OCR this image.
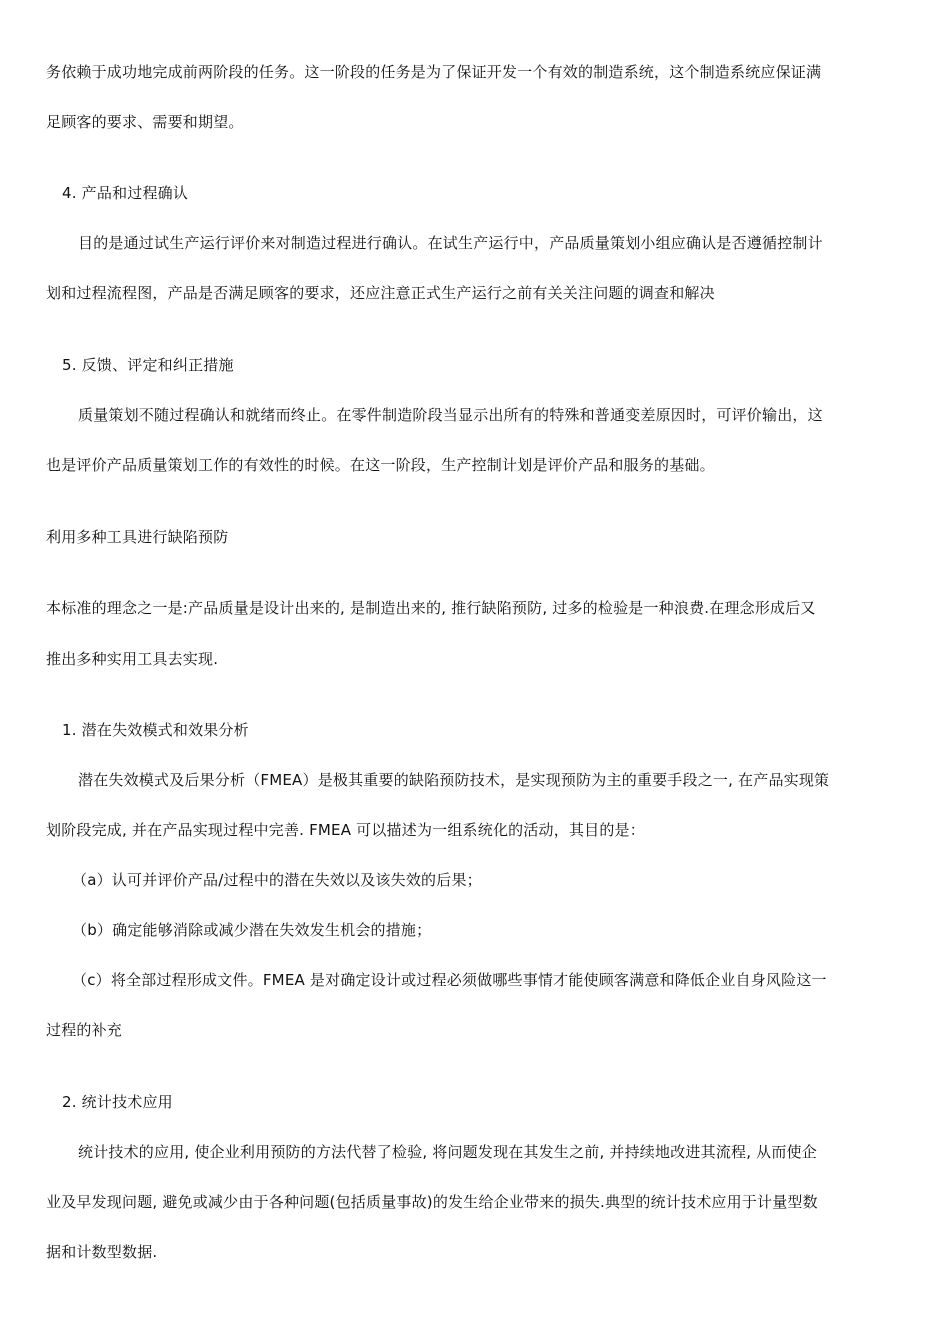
务依赖于成功地完成前两阶段的任务。这一阶段的任务是为了保证开发一个有效的制造系统，这个制造系统应保证满
足顾客的要求、需要和期望。
4. 产品和过程确认
目的是通过试生产运行评价来对制造过程进行确认。在试生产运行中，产品质量策划小组应确认是否遵循控制计
划和过程流程图，产品是否满足顾客的要求，还应注意正式生产运行之前有关关注问题的调查和解决
5. 反馈、评定和纠正措施
质量策划不随过程确认和就绪而终止。在零件制造阶段当显示出所有的特殊和普通变差原因时，可评价输出，这
也是评价产品质量策划工作的有效性的时候。在这一阶段，生产控制计划是评价产品和服务的基础。
利用多种工具进行缺陷预防
本标准的理念之一是:产品质量是设计出来的, 是制造出来的, 推行缺陷预防, 过多的检验是一种浪费.在理念形成后又
推出多种实用工具去实现.
1. 潜在失效模式和效果分析
潜在失效模式及后果分析（FMEA）是极其重要的缺陷预防技术，是实现预防为主的重要手段之一, 在产品实现策
划阶段完成, 并在产品实现过程中完善. FMEA 可以描述为一组系统化的活动，其目的是：
（a）认可并评价产品/过程中的潜在失效以及该失效的后果；
（b）确定能够消除或减少潜在失效发生机会的措施；
（c）将全部过程形成文件。FMEA 是对确定设计或过程必须做哪些事情才能使顾客满意和降低企业自身风险这一
过程的补充
2. 统计技术应用
统计技术的应用, 使企业利用预防的方法代替了检验, 将问题发现在其发生之前, 并持续地改进其流程, 从而使企
业及早发现问题, 避免或减少由于各种问题(包括质量事故)的发生给企业带来的损失.典型的统计技术应用于计量型数
据和计数型数据.
